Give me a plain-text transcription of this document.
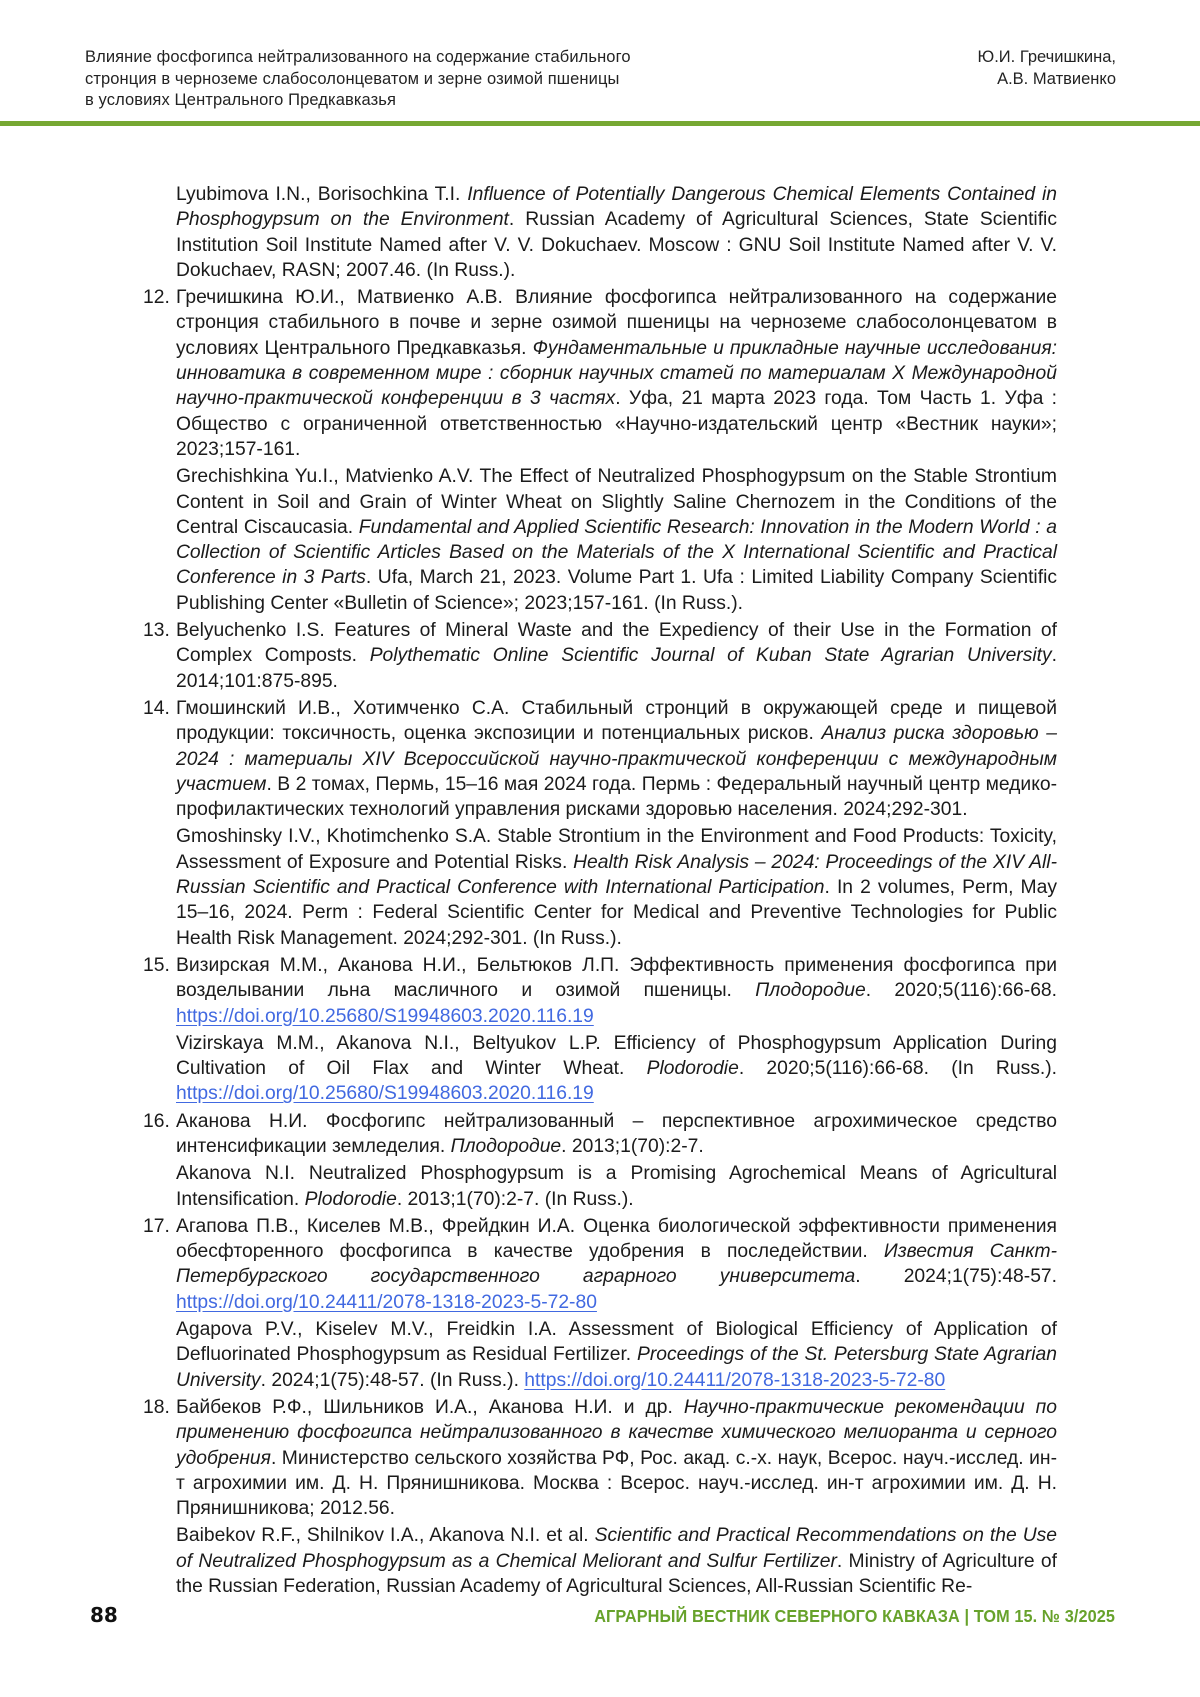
Влияние фосфогипса нейтрализованного на содержание стабильного
стронция в черноземе слабосолонцеватом и зерне озимой пшеницы
в условиях Центрального Предкавказья
Ю.И. Гречишкина,
А.В. Матвиенко
Lyubimova I.N., Borisochkina T.I. Influence of Potentially Dangerous Chemical Elements Contained in Phosphogypsum on the Environment. Russian Academy of Agricultural Sciences, State Scientific Institution Soil Institute Named after V. V. Dokuchaev. Moscow : GNU Soil Institute Named after V. V. Dokuchaev, RASN; 2007.46. (In Russ.).
12. Гречишкина Ю.И., Матвиенко А.В. Влияние фосфогипса нейтрализованного на содержание стронция стабильного в почве и зерне озимой пшеницы на черноземе слабосолонцеватом в условиях Центрального Предкавказья. Фундаментальные и прикладные научные исследования: инноватика в современном мире : сборник научных статей по материалам X Международной научно-практической конференции в 3 частях. Уфа, 21 марта 2023 года. Том Часть 1. Уфа : Общество с ограниченной ответственностью «Научно-издательский центр «Вестник науки»; 2023;157-161.
Grechishkina Yu.I., Matvienko A.V. The Effect of Neutralized Phosphogypsum on the Stable Strontium Content in Soil and Grain of Winter Wheat on Slightly Saline Chernozem in the Conditions of the Central Ciscaucasia. Fundamental and Applied Scientific Research: Innovation in the Modern World : a Collection of Scientific Articles Based on the Materials of the X International Scientific and Practical Conference in 3 Parts. Ufa, March 21, 2023. Volume Part 1. Ufa : Limited Liability Company Scientific Publishing Center «Bulletin of Science»; 2023;157-161. (In Russ.).
13. Belyuchenko I.S. Features of Mineral Waste and the Expediency of their Use in the Formation of Complex Composts. Polythematic Online Scientific Journal of Kuban State Agrarian University. 2014;101:875-895.
14. Гмошинский И.В., Хотимченко С.А. Стабильный стронций в окружающей среде и пищевой продукции: токсичность, оценка экспозиции и потенциальных рисков. Анализ риска здоровью – 2024 : материалы XIV Всероссийской научно-практической конференции с международным участием. В 2 томах, Пермь, 15–16 мая 2024 года. Пермь : Федеральный научный центр медико-профилактических технологий управления рисками здоровью населения. 2024;292-301.
Gmoshinsky I.V., Khotimchenko S.A. Stable Strontium in the Environment and Food Products: Toxicity, Assessment of Exposure and Potential Risks. Health Risk Analysis – 2024: Proceedings of the XIV All-Russian Scientific and Practical Conference with International Participation. In 2 volumes, Perm, May 15–16, 2024. Perm : Federal Scientific Center for Medical and Preventive Technologies for Public Health Risk Management. 2024;292-301. (In Russ.).
15. Визирская М.М., Аканова Н.И., Бельтюков Л.П. Эффективность применения фосфогипса при возделывании льна масличного и озимой пшеницы. Плодородие. 2020;5(116):66-68. https://doi.org/10.25680/S19948603.2020.116.19
Vizirskaya M.M., Akanova N.I., Beltyukov L.P. Efficiency of Phosphogypsum Application During Cultivation of Oil Flax and Winter Wheat. Plodorodie. 2020;5(116):66-68. (In Russ.). https://doi.org/10.25680/S19948603.2020.116.19
16. Аканова Н.И. Фосфогипс нейтрализованный – перспективное агрохимическое средство интенсификации земледелия. Плодородие. 2013;1(70):2-7.
Akanova N.I. Neutralized Phosphogypsum is a Promising Agrochemical Means of Agricultural Intensification. Plodorodie. 2013;1(70):2-7. (In Russ.).
17. Агапова П.В., Киселев М.В., Фрейдкин И.А. Оценка биологической эффективности применения обесфторенного фосфогипса в качестве удобрения в последействии. Известия Санкт-Петербургского государственного аграрного университета. 2024;1(75):48-57. https://doi.org/10.24411/2078-1318-2023-5-72-80
Agapova P.V., Kiselev M.V., Freidkin I.A. Assessment of Biological Efficiency of Application of Defluorinated Phosphogypsum as Residual Fertilizer. Proceedings of the St. Petersburg State Agrarian University. 2024;1(75):48-57. (In Russ.). https://doi.org/10.24411/2078-1318-2023-5-72-80
18. Байбеков Р.Ф., Шильников И.А., Аканова Н.И. и др. Научно-практические рекомендации по применению фосфогипса нейтрализованного в качестве химического мелиоранта и серного удобрения. Министерство сельского хозяйства РФ, Рос. акад. с.-х. наук, Всерос. науч.-исслед. ин-т агрохимии им. Д. Н. Прянишникова. Москва : Всерос. науч.-исслед. ин-т агрохимии им. Д. Н. Прянишникова; 2012.56.
Baibekov R.F., Shilnikov I.A., Akanova N.I. et al. Scientific and Practical Recommendations on the Use of Neutralized Phosphogypsum as a Chemical Meliorant and Sulfur Fertilizer. Ministry of Agriculture of the Russian Federation, Russian Academy of Agricultural Sciences, All-Russian Scientific Re-
88	АГРАРНЫЙ ВЕСТНИК СЕВЕРНОГО КАВКАЗА | ТОМ 15. № 3/2025
